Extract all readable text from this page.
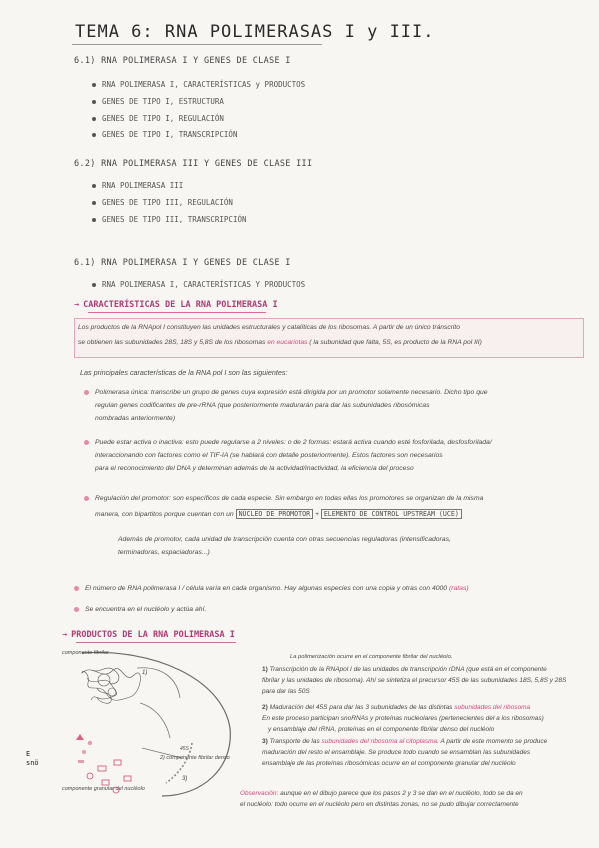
TEMA 6: RNA POLIMERASAS I y III.
6.1) RNA POLIMERASA I Y GENES DE CLASE I
RNA POLIMERASA I, CARACTERÍSTICAS y PRODUCTOS
GENES DE TIPO I, ESTRUCTURA
GENES DE TIPO I, REGULACIÓN
GENES DE TIPO I, TRANSCRIPCIÓN
6.2) RNA POLIMERASA III Y GENES DE CLASE III
RNA POLIMERASA III
GENES DE TIPO III, REGULACIÓN
GENES DE TIPO III, TRANSCRIPCIÓN
6.1) RNA POLIMERASA I Y GENES DE CLASE I
RNA POLIMERASA I, CARACTERÍSTICAS Y PRODUCTOS
→ CARACTERÍSTICAS DE LA RNA POLIMERASA I
Los productos de la RNApol I constituyen las unidades estructurales y catalíticas de los ribosomas. A partir de un único tránscrito
se obtienen las subunidades 28S, 18S y 5,8S de los ribosomas en eucariotas ( la subunidad que falta, 5S, es producto de la RNA pol III)
Las principales características de la RNA pol I son las siguientes:
Polimerasa única: transcribe un grupo de genes cuya expresión está dirigida por un promotor solamente necesario. Dicho tipo que
regulan genes codificantes de pre-rRNA (que posteriormente madurarán para dar las subunidades ribosómicas
nombradas anteriormente)
Puede estar activa o inactiva: esto puede regularse a 2 niveles: o de 2 formas: estará activa cuando esté fosforilada, desfosforilada/
interaccionando con factores como el TIF-IA (se hablará con detalle posteriormente). Estos factores son necesarios
para el reconocimiento del DNA y determinan además de la actividad/inactividad, la eficiencia del proceso
Regulación del promotor: son específicos de cada especie. Sin embargo en todas ellas los promotores se organizan de la misma
manera, con bipartitos porque cuentan con un NÚCLEO DE PROMOTOR + ELEMENTO DE CONTROL UPSTREAM (UCE)
Además de promotor, cada unidad de transcripción cuenta con otras secuencias reguladoras (intensificadoras,
terminadoras, espaciadoras...)
El número de RNA polimerasa I / célula varía en cada organismo. Hay algunas especies con una copia y otras con 4000 (ratas)
Se encuentra en el nucléolo y actúa ahí.
→ PRODUCTOS DE LA RNA POLIMERASA I
componente fibrilar
1)
45S
2) componente fibrilar denso
3)
componente granular del nucléolo
La polimerización ocurre en el componente fibrilar del nucléolo.
1) Transcripción de la RNApol I de las unidades de transcripción rDNA (que está en el componente
fibrilar y las unidades de ribosoma). Ahí se sintetiza el precursor 45S de las subunidades 18S, 5,8S y 28S
para dar las 50S
2) Maduración del 45S para dar las 3 subunidades de las distintas subunidades del ribosoma
En este proceso participan snoRNAs y proteínas nucleolares (pertenecientes del a los ribosomas)
y ensamblaje del rRNA, proteínas en el componente fibrilar denso del nucléolo
3) Transporte de las subunidades del ribosoma al citoplasma. A partir de este momento se produce
maduración del resto el ensamblaje. Se produce todo cuando se ensamblan las subunidades
ensamblaje de las proteínas ribosómicas ocurre en el componente granular del nucléolo
Observación: aunque en el dibujo parece que los pasos 2 y 3 se dan en el nucléolo, todo se da en
el nucléolo: todo ocurre en el nucléolo pero en distintas zonas, no se pudo dibujar correctamente
E
snö
